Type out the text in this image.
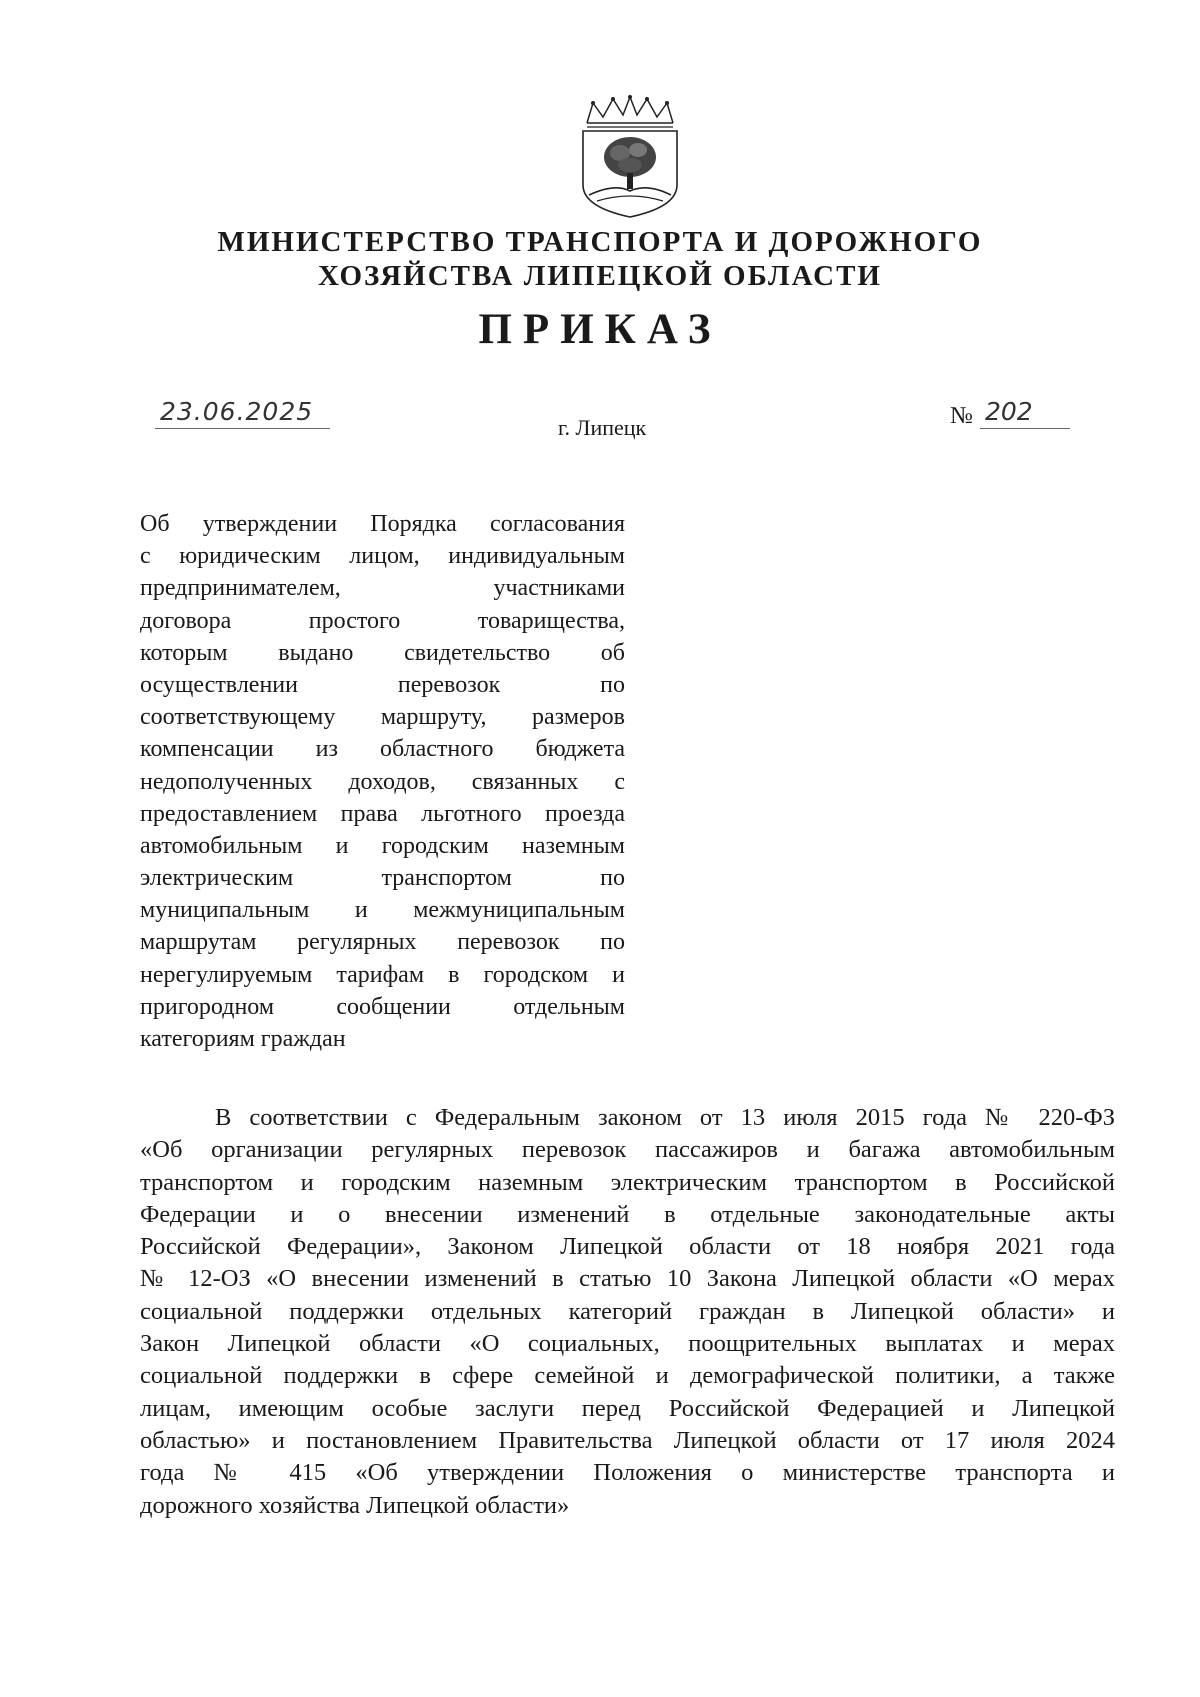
МИНИСТЕРСТВО ТРАНСПОРТА И ДОРОЖНОГО
ХОЗЯЙСТВА ЛИПЕЦКОЙ ОБЛАСТИ
ПРИКАЗ
23.06.2025
г. Липецк	№ 202
Об утверждении Порядка согласования
с юридическим лицом, индивидуальным
предпринимателем, участниками
договора простого товарищества,
которым выдано свидетельство об
осуществлении перевозок по
соответствующему маршруту, размеров
компенсации из областного бюджета
недополученных доходов, связанных с
предоставлением права льготного проезда
автомобильным и городским наземным
электрическим транспортом по
муниципальным и межмуниципальным
маршрутам регулярных перевозок по
нерегулируемым тарифам в городском и
пригородном сообщении отдельным
категориям граждан
В соответствии с Федеральным законом от 13 июля 2015 года № 220-ФЗ
«Об организации регулярных перевозок пассажиров и багажа автомобильным
транспортом и городским наземным электрическим транспортом в Российской
Федерации и о внесении изменений в отдельные законодательные акты
Российской Федерации», Законом Липецкой области от 18 ноября 2021 года
№ 12-ОЗ «О внесении изменений в статью 10 Закона Липецкой области «О мерах
социальной поддержки отдельных категорий граждан в Липецкой области» и
Закон Липецкой области «О социальных, поощрительных выплатах и мерах
социальной поддержки в сфере семейной и демографической политики, а также
лицам, имеющим особые заслуги перед Российской Федерацией и Липецкой
областью» и постановлением Правительства Липецкой области от 17 июля 2024
года № 415 «Об утверждении Положения о министерстве транспорта и
дорожного хозяйства Липецкой области»
